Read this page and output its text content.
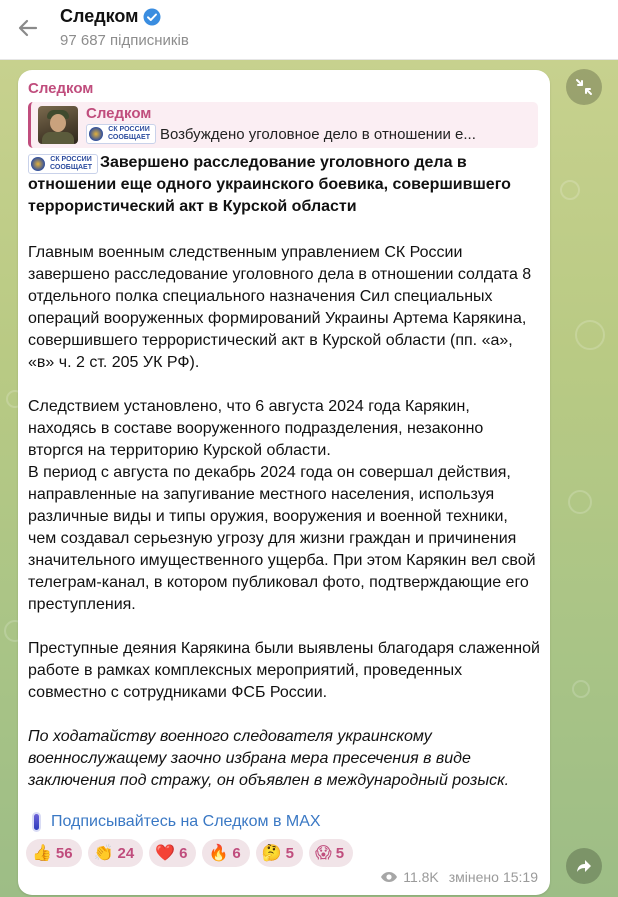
Следком
97 687 підписників
Следком
Следком
СК РОССИИ СООБЩАЕТ Возбуждено уголовное дело в отношении е...
СК РОССИИ СООБЩАЕТ Завершено расследование уголовного дела в отношении еще одного украинского боевика, совершившего террористический акт в Курской области
Главным военным следственным управлением СК России завершено расследование уголовного дела в отношении солдата 8 отдельного полка специального назначения Сил специальных операций вооруженных формирований Украины Артема Карякина, совершившего террористический акт в Курской области (пп. «а», «в» ч. 2 ст. 205 УК РФ).
Следствием установлено, что 6 августа 2024 года Карякин, находясь в составе вооруженного подразделения, незаконно вторгся на территорию Курской области.
В период с августа по декабрь 2024 года он совершал действия, направленные на запугивание местного населения, используя различные виды и типы оружия, вооружения и военной техники, чем создавал серьезную угрозу для жизни граждан и причинения значительного имущественного ущерба. При этом Карякин вел свой телеграм-канал, в котором публиковал фото, подтверждающие его преступления.
Преступные деяния Карякина были выявлены благодаря слаженной работе в рамках комплексных мероприятий, проведенных совместно с сотрудниками ФСБ России.
По ходатайству военного следователя украинскому военнослужащему заочно избрана мера пресечения в виде заключения под стражу, он объявлен в международный розыск.
Подписывайтесь на Следком в MAX
👍 56 👏 24 ❤️ 6 🔥 6 🤔 5 😱 5
11.8K змінено 15:19
